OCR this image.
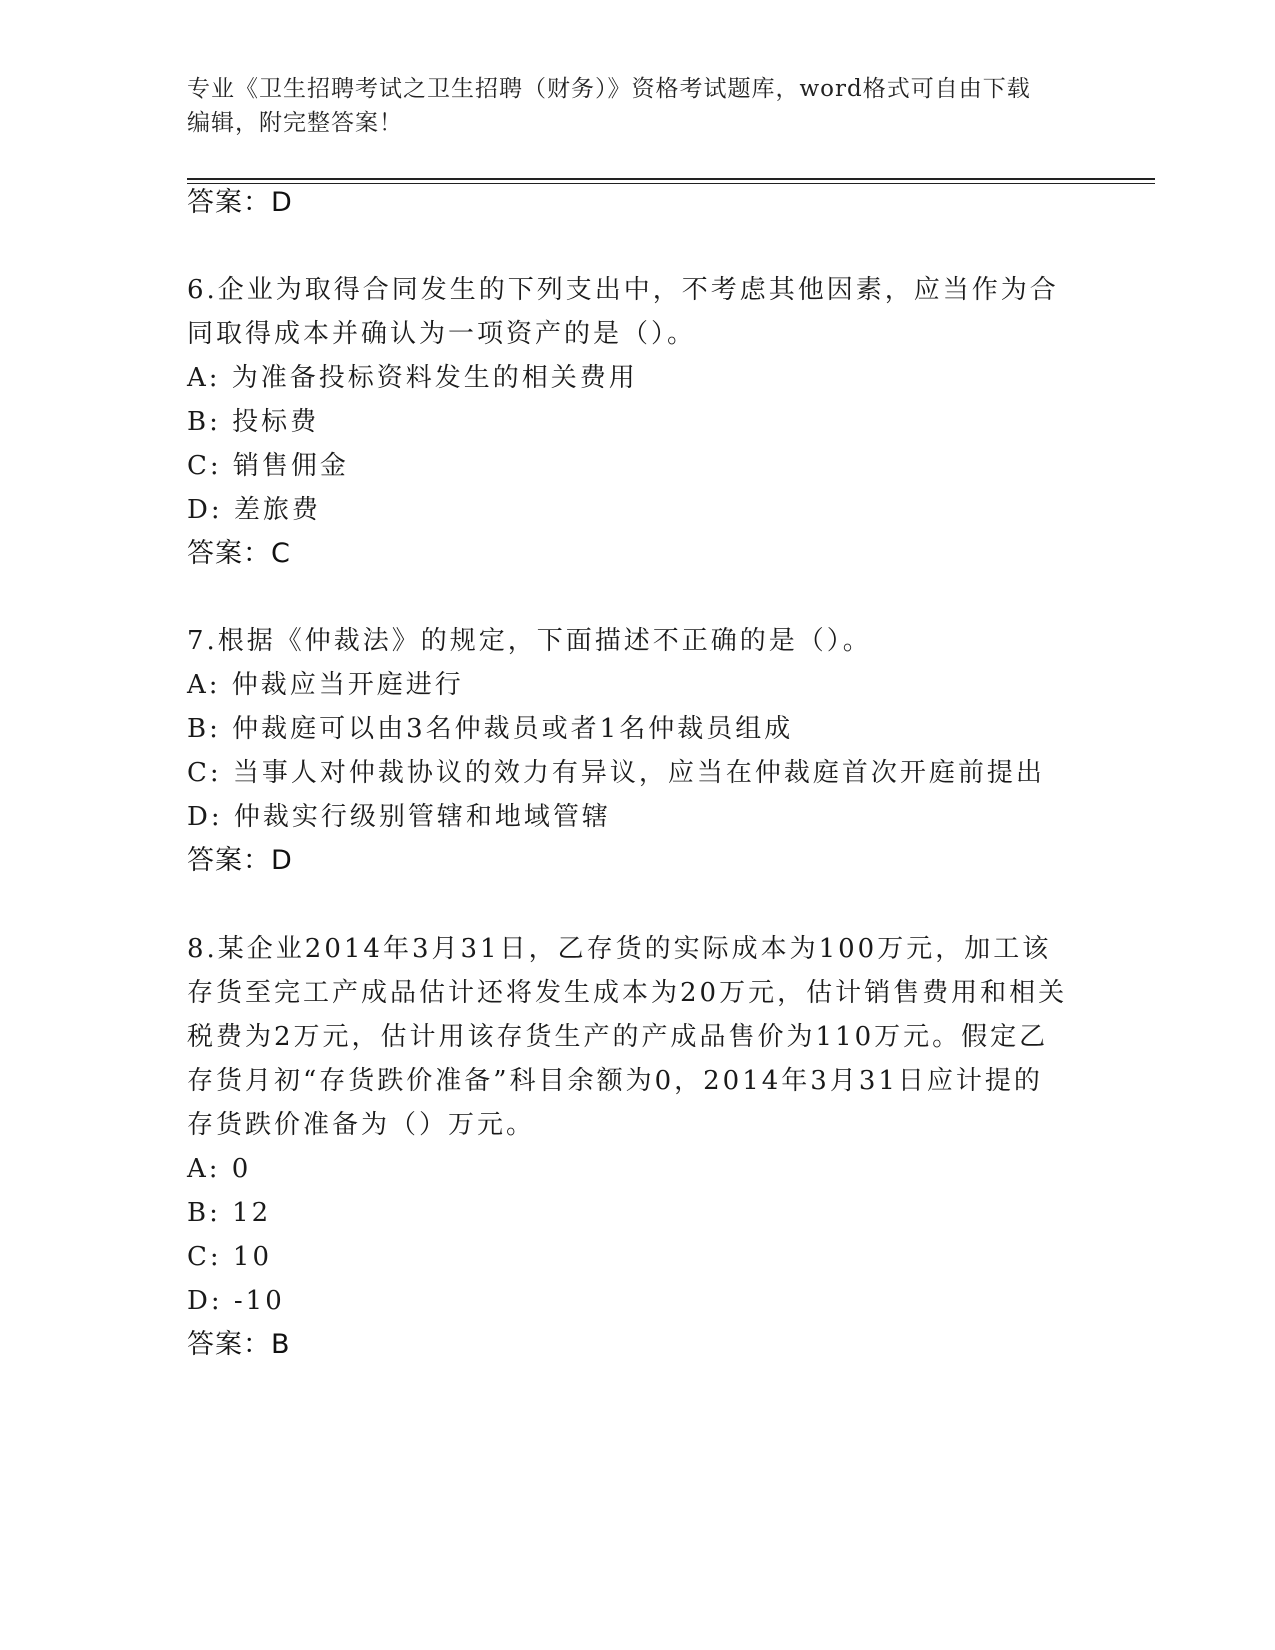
专业《卫生招聘考试之卫生招聘（财务）》资格考试题库，word格式可自由下载
编辑，附完整答案！
答案：D
6.企业为取得合同发生的下列支出中，不考虑其他因素，应当作为合
同取得成本并确认为一项资产的是（）。
A: 为准备投标资料发生的相关费用
B: 投标费
C: 销售佣金
D: 差旅费
答案：C
7.根据《仲裁法》的规定，下面描述不正确的是（）。
A: 仲裁应当开庭进行
B: 仲裁庭可以由3名仲裁员或者1名仲裁员组成
C: 当事人对仲裁协议的效力有异议，应当在仲裁庭首次开庭前提出
D: 仲裁实行级别管辖和地域管辖
答案：D
8.某企业2014年3月31日，乙存货的实际成本为100万元，加工该
存货至完工产成品估计还将发生成本为20万元，估计销售费用和相关
税费为2万元，估计用该存货生产的产成品售价为110万元。假定乙
存货月初“存货跌价准备”科目余额为0，2014年3月31日应计提的
存货跌价准备为（）万元。
A: 0
B: 12
C: 10
D: -10
答案：B
